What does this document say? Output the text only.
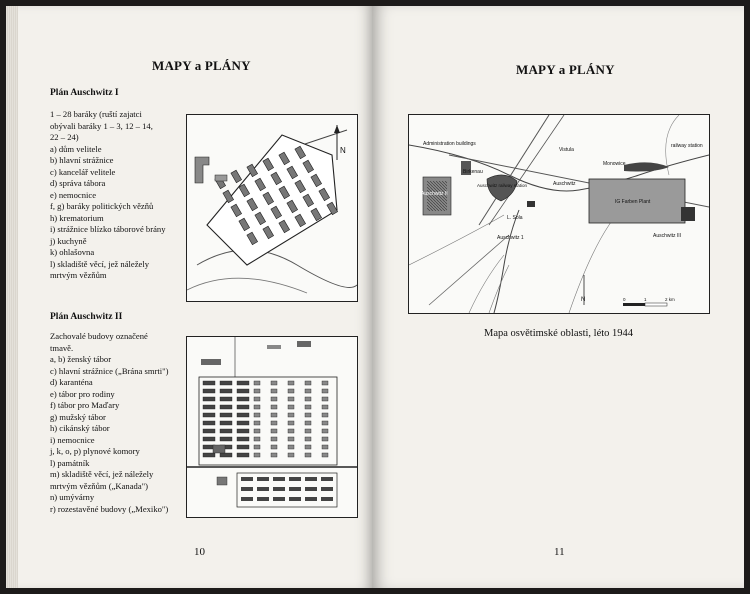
MAPY a PLÁNY
Plán Auschwitz I
1 – 28 baráky (ruští zajatci
obývali baráky 1 – 3, 12 – 14,
22 – 24)
a) dům velitele
b) hlavní strážnice
c) kancelář velitele
d) správa tábora
e) nemocnice
f, g) baráky politických vězňů
h) krematorium
i) strážnice blízko táborové brány
j) kuchyně
k) ohlašovna
l) skladiště věcí, jež náležely
mrtvým vězňům
N
Plán Auschwitz II
Zachovalé budovy označené
tmavě.
a, b) ženský tábor
c) hlavní strážnice („Brána smrti")
d) karanténa
e) tábor pro rodiny
f) tábor pro Maďary
g) mužský tábor
h) cikánský tábor
i) nemocnice
j, k, o, p) plynové komory
l) památník
m) skladiště věcí, jež náležely
mrtvým vězňům („Kanada")
n) umývárny
r) rozestavěné budovy („Mexiko")
10
MAPY a PLÁNY
Administration buildings
Birkenau
Auschwitz II
Vistula
Monowice
railway station
IG Farben Plant
Auschwitz
Auschwitz railway station
L. Sola
Auschwitz 1	Auschwitz III
N	0	1	2 km
Mapa osvětimské oblasti, léto 1944
11
